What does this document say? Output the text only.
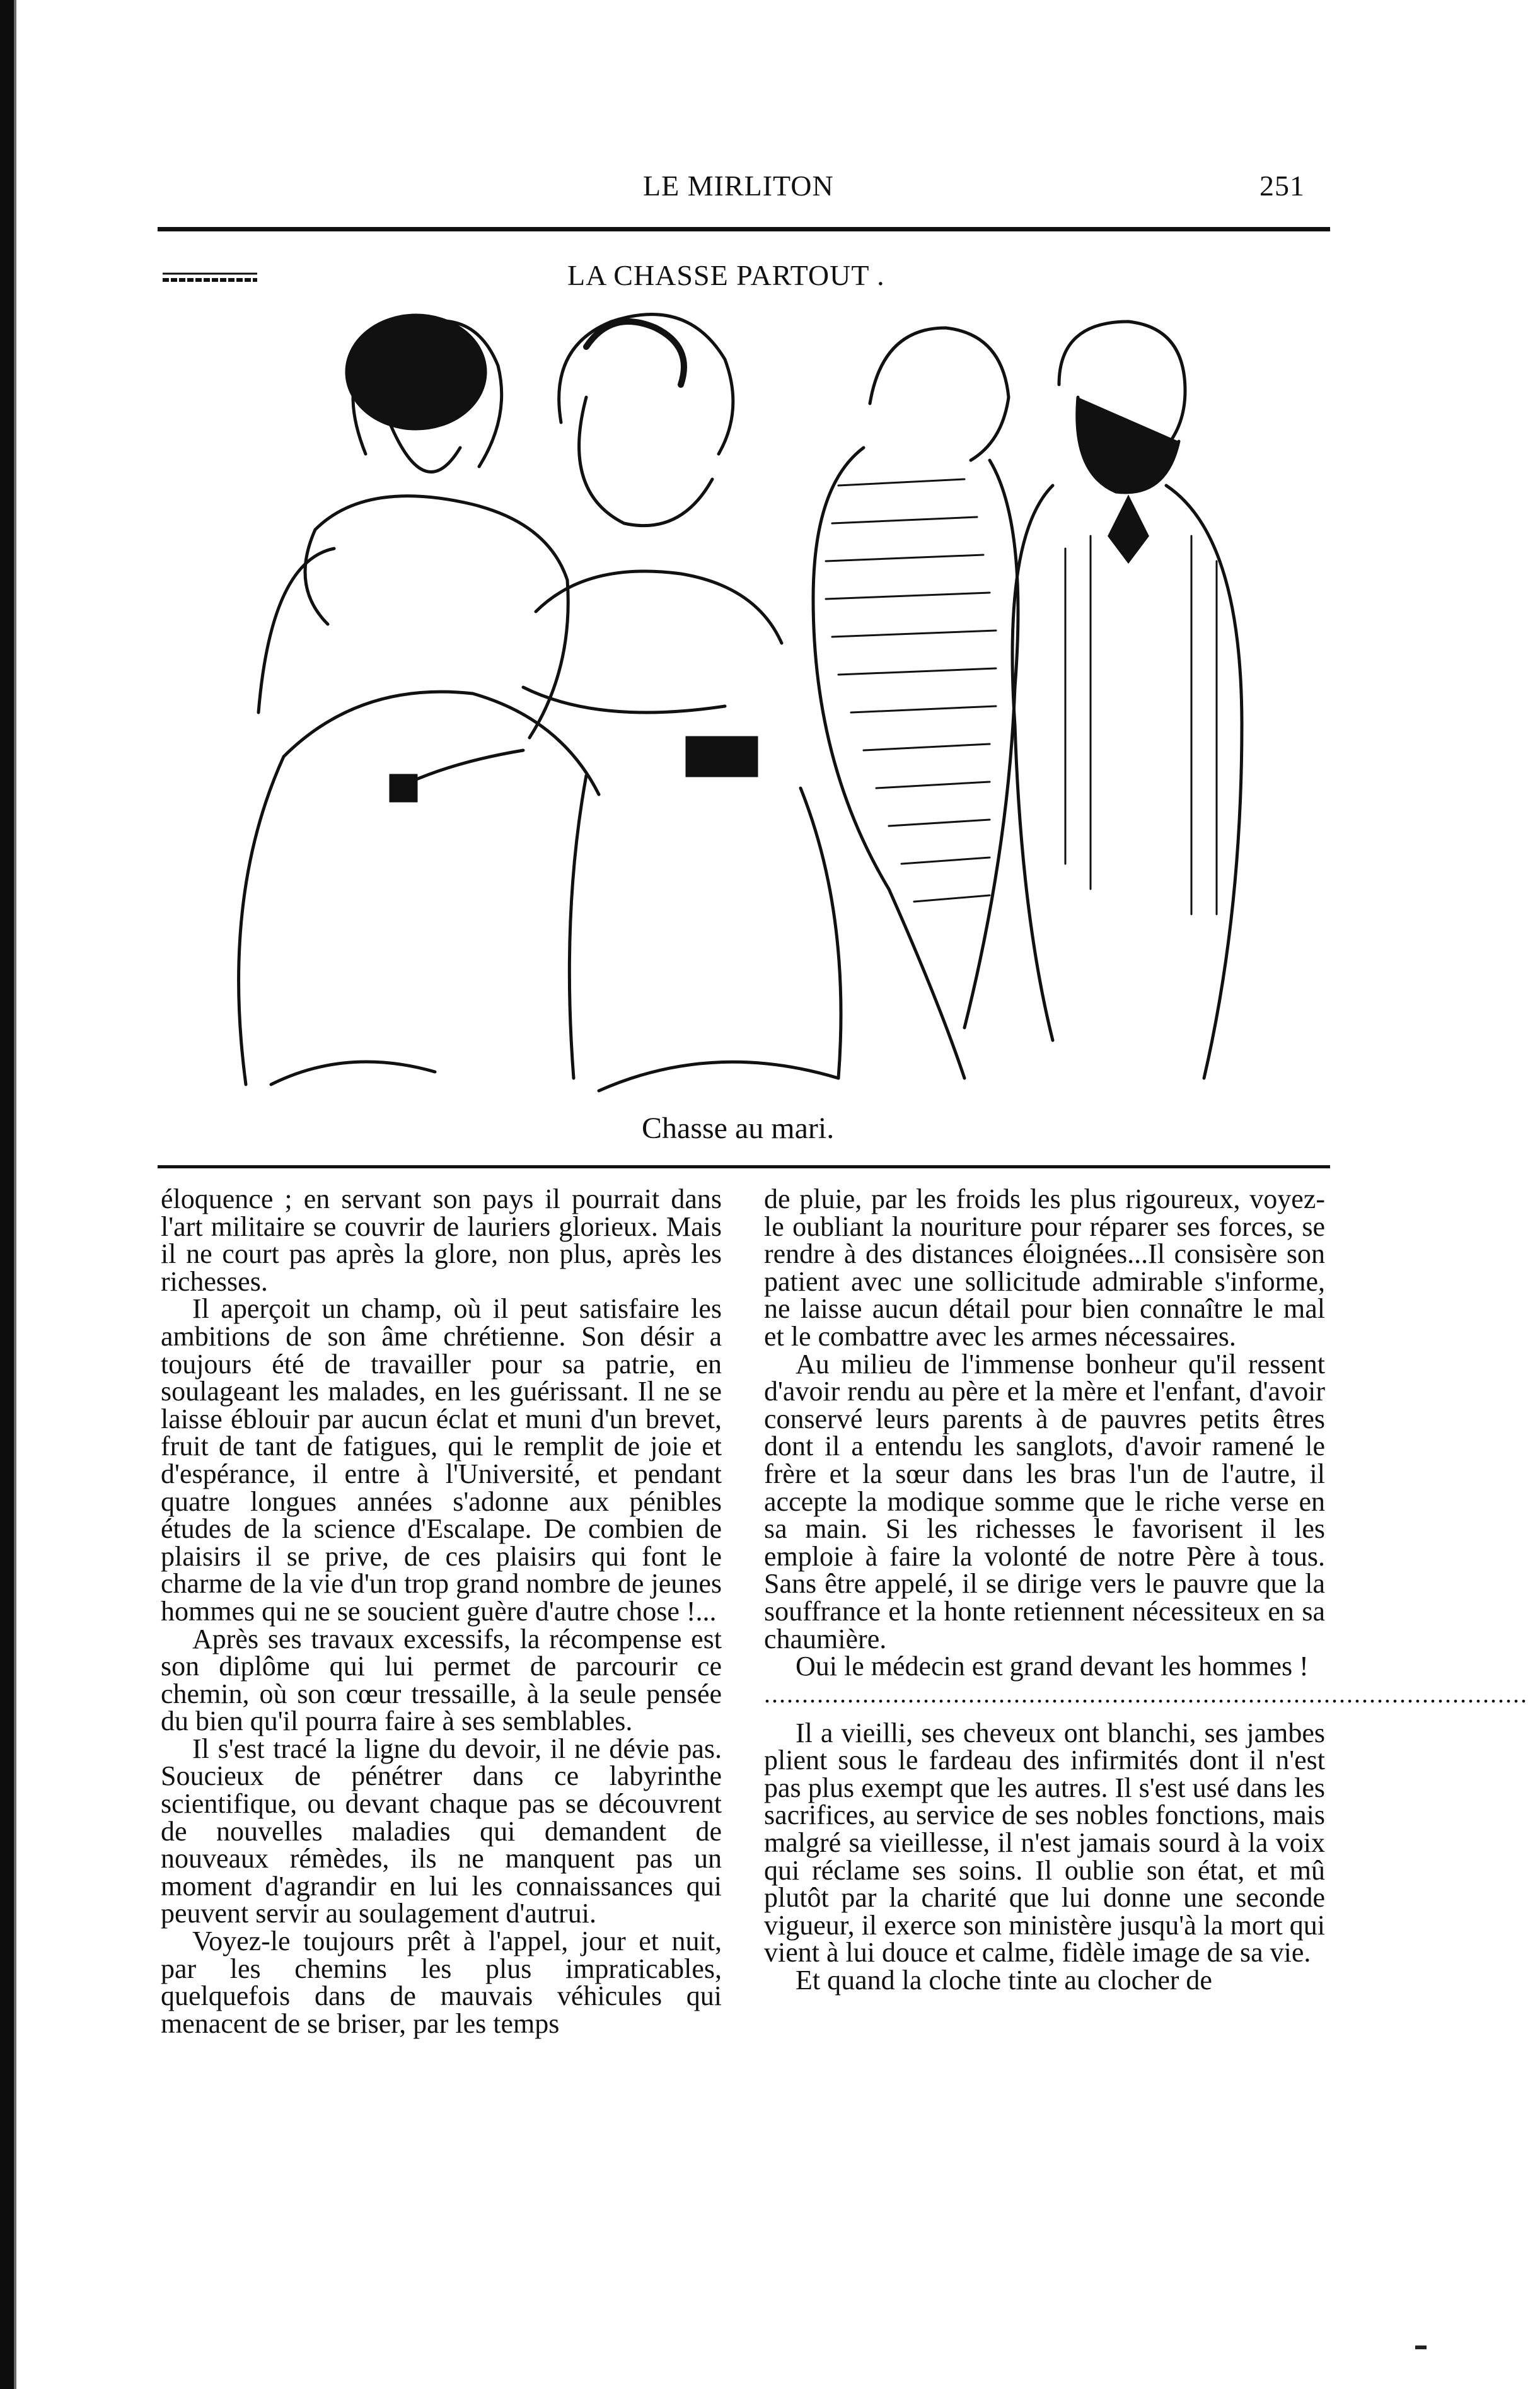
LE MIRLITON	251
LA CHASSE PARTOUT .
Chasse au mari.

éloquence ; en servant son pays il pourrait dans l'art militaire se couvrir de lauriers glorieux. Mais il ne court pas après la glore, non plus, après les richesses.

Il aperçoit un champ, où il peut satisfaire les ambitions de son âme chrétienne. Son désir a toujours été de travailler pour sa patrie, en soulageant les malades, en les guérissant. Il ne se laisse éblouir par aucun éclat et muni d'un brevet, fruit de tant de fatigues, qui le remplit de joie et d'espérance, il entre à l'Université, et pendant quatre longues années s'adonne aux pénibles études de la science d'Escalape. De combien de plaisirs il se prive, de ces plaisirs qui font le charme de la vie d'un trop grand nombre de jeunes hommes qui ne se soucient guère d'autre chose !...

Après ses travaux excessifs, la récompense est son diplôme qui lui permet de parcourir ce chemin, où son cœur tressaille, à la seule pensée du bien qu'il pourra faire à ses semblables.

Il s'est tracé la ligne du devoir, il ne dévie pas. Soucieux de pénétrer dans ce labyrinthe scientifique, ou devant chaque pas se découvrent de nouvelles maladies qui demandent de nouveaux rémèdes, ils ne manquent pas un moment d'agrandir en lui les connaissances qui peuvent servir au soulagement d'autrui.

Voyez-le toujours prêt à l'appel, jour et nuit, par les chemins les plus impraticables, quelquefois dans de mauvais véhicules qui menacent de se briser, par les temps

de pluie, par les froids les plus rigoureux, voyez-le oubliant la nouriture pour réparer ses forces, se rendre à des distances éloignées...Il consisère son patient avec une sollicitude admirable s'informe, ne laisse aucun détail pour bien connaître le mal et le combattre avec les armes nécessaires.

Au milieu de l'immense bonheur qu'il ressent d'avoir rendu au père et la mère et l'enfant, d'avoir conservé leurs parents à de pauvres petits êtres dont il a entendu les sanglots, d'avoir ramené le frère et la sœur dans les bras l'un de l'autre, il accepte la modique somme que le riche verse en sa main. Si les richesses le favorisent il les emploie à faire la volonté de notre Père à tous. Sans être appelé, il se dirige vers le pauvre que la souffrance et la honte retiennent nécessiteux en sa chaumière.

Oui le médecin est grand devant les hommes !

.....................................................................................................

Il a vieilli, ses cheveux ont blanchi, ses jambes plient sous le fardeau des infirmités dont il n'est pas plus exempt que les autres. Il s'est usé dans les sacrifices, au service de ses nobles fonctions, mais malgré sa vieillesse, il n'est jamais sourd à la voix qui réclame ses soins. Il oublie son état, et mû plutôt par la charité que lui donne une seconde vigueur, il exerce son ministère jusqu'à la mort qui vient à lui douce et calme, fidèle image de sa vie.

Et quand la cloche tinte au clocher de
